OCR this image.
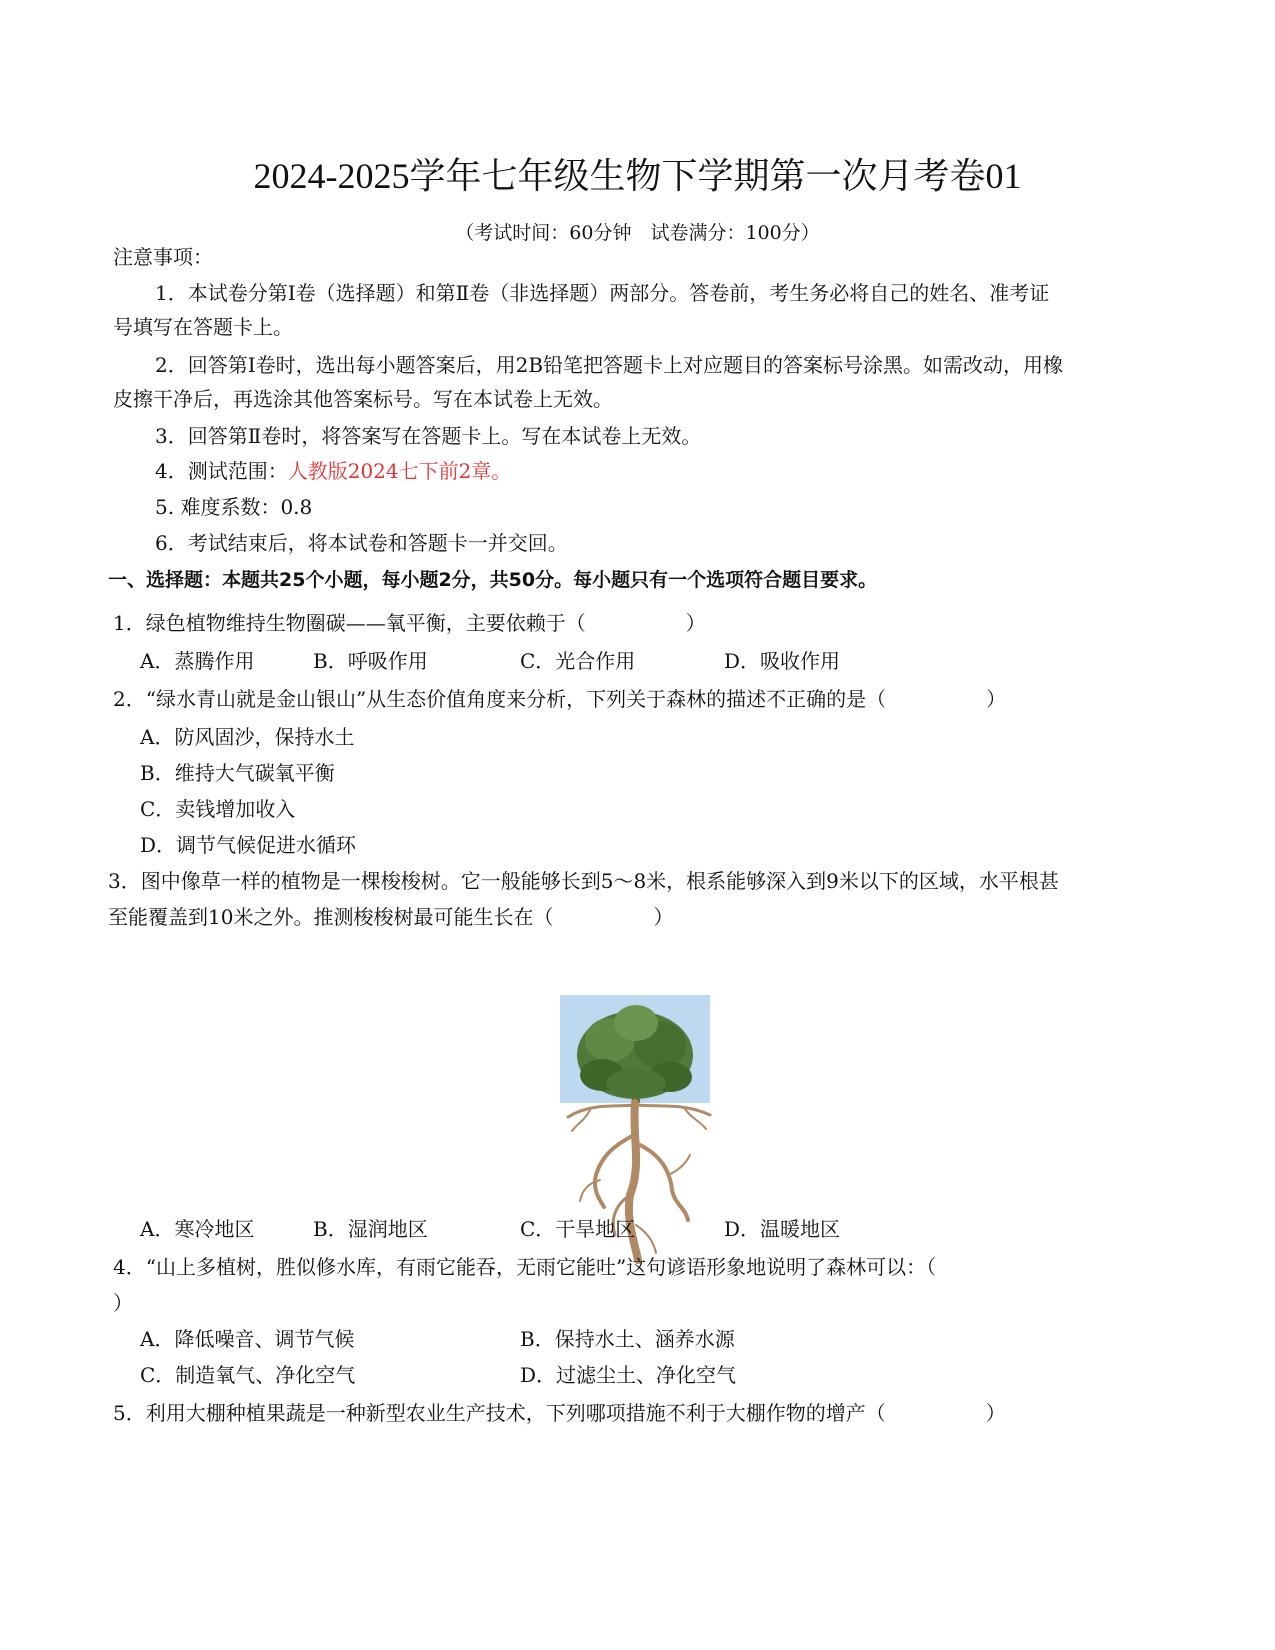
2024-2025学年七年级生物下学期第一次月考卷01
（考试时间：60分钟　试卷满分：100分）
注意事项：
1．本试卷分第Ⅰ卷（选择题）和第Ⅱ卷（非选择题）两部分。答卷前，考生务必将自己的姓名、准考证
号填写在答题卡上。
2．回答第Ⅰ卷时，选出每小题答案后，用2B铅笔把答题卡上对应题目的答案标号涂黑。如需改动，用橡
皮擦干净后，再选涂其他答案标号。写在本试卷上无效。
3．回答第Ⅱ卷时，将答案写在答题卡上。写在本试卷上无效。
4．测试范围：人教版2024七下前2章。
5. 难度系数：0.8
6．考试结束后，将本试卷和答题卡一并交回。
一、选择题：本题共25个小题，每小题2分，共50分。每小题只有一个选项符合题目要求。
1．绿色植物维持生物圈碳——氧平衡，主要依赖于（　　　　　）
A．蒸腾作用	B．呼吸作用	C．光合作用	D．吸收作用
2．“绿水青山就是金山银山”从生态价值角度来分析，下列关于森林的描述不正确的是（　　　　　）
A．防风固沙，保持水土
B．维持大气碳氧平衡
C．卖钱增加收入
D．调节气候促进水循环
3．图中像草一样的植物是一棵梭梭树。它一般能够长到5～8米，根系能够深入到9米以下的区域，水平根甚
至能覆盖到10米之外。推测梭梭树最可能生长在（　　　　　）
A．寒冷地区	B．湿润地区	C．干旱地区	D．温暖地区
4．“山上多植树，胜似修水库，有雨它能吞，无雨它能吐”这句谚语形象地说明了森林可以：（
）
A．降低噪音、调节气候	B．保持水土、涵养水源
C．制造氧气、净化空气	D．过滤尘土、净化空气
5．利用大棚种植果蔬是一种新型农业生产技术，下列哪项措施不利于大棚作物的增产（　　　　　）
